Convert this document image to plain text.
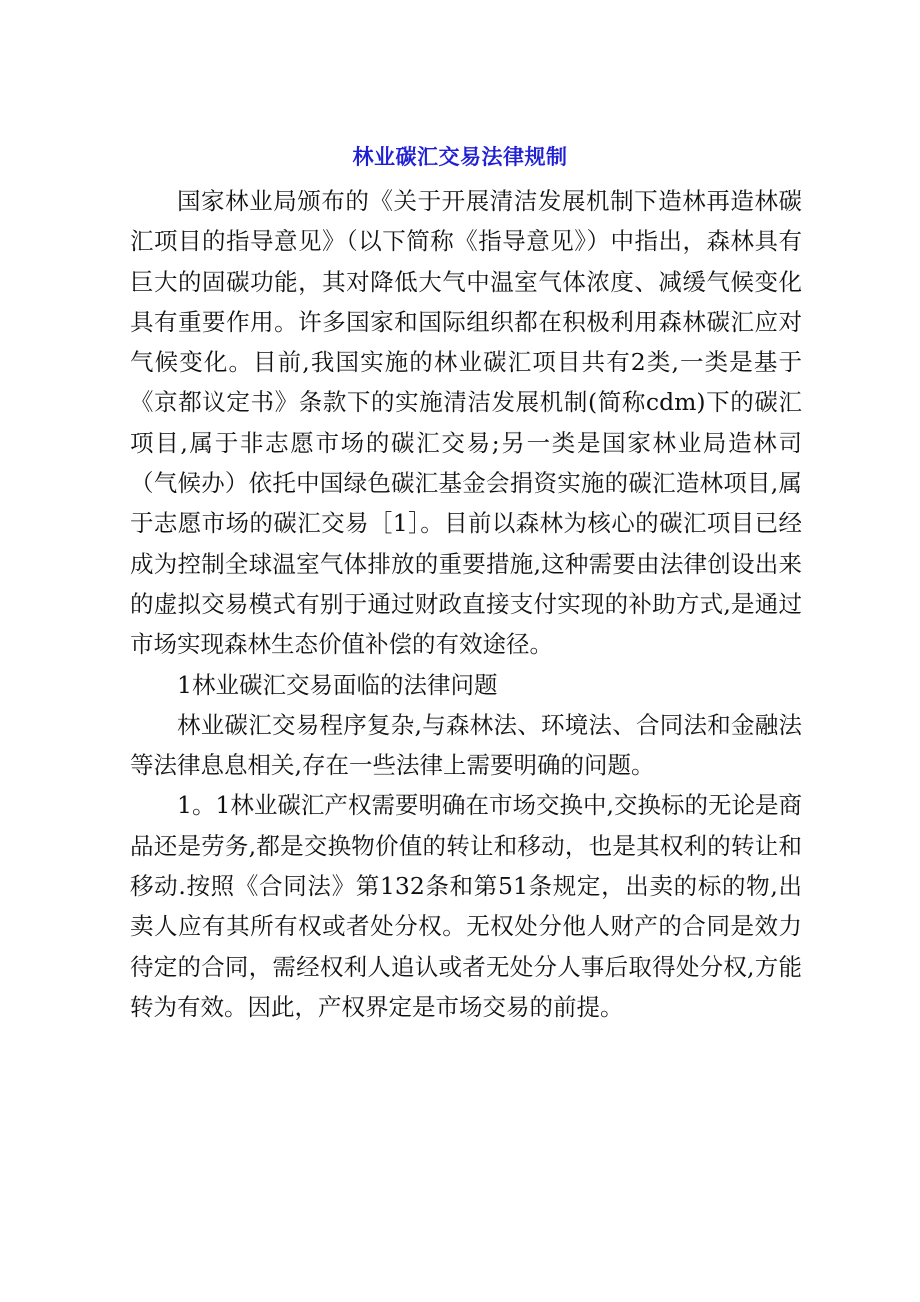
林业碳汇交易法律规制

国家林业局颁布的《关于开展清洁发展机制下造林再造林碳汇项目的指导意见》（以下简称《指导意见》）中指出，森林具有巨大的固碳功能，其对降低大气中温室气体浓度、减缓气候变化具有重要作用。许多国家和国际组织都在积极利用森林碳汇应对气候变化。目前,我国实施的林业碳汇项目共有2类,一类是基于《京都议定书》条款下的实施清洁发展机制(简称cdm)下的碳汇项目,属于非志愿市场的碳汇交易;另一类是国家林业局造林司（气候办）依托中国绿色碳汇基金会捐资实施的碳汇造林项目,属于志愿市场的碳汇交易［1］。目前以森林为核心的碳汇项目已经成为控制全球温室气体排放的重要措施,这种需要由法律创设出来的虚拟交易模式有别于通过财政直接支付实现的补助方式,是通过市场实现森林生态价值补偿的有效途径。

1林业碳汇交易面临的法律问题

林业碳汇交易程序复杂,与森林法、环境法、合同法和金融法等法律息息相关,存在一些法律上需要明确的问题。

1。1林业碳汇产权需要明确在市场交换中,交换标的无论是商品还是劳务,都是交换物价值的转让和移动，也是其权利的转让和移动.按照《合同法》第132条和第51条规定，出卖的标的物,出卖人应有其所有权或者处分权。无权处分他人财产的合同是效力待定的合同，需经权利人追认或者无处分人事后取得处分权,方能转为有效。因此，产权界定是市场交易的前提。
